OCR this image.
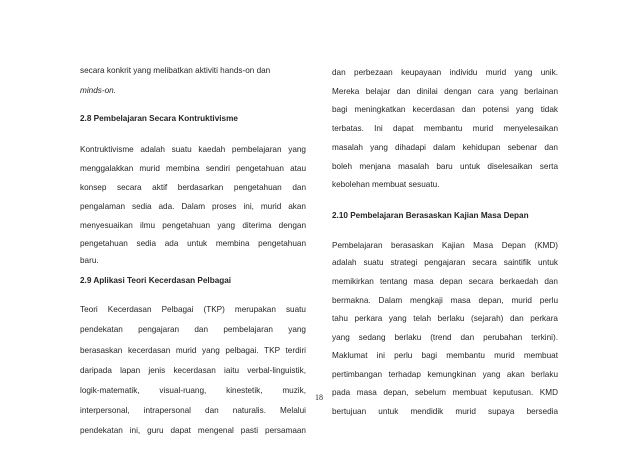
secara konkrit yang melibatkan aktiviti hands-on dan
minds-on.
2.8 Pembelajaran Secara Kontruktivisme
Kontruktivisme adalah suatu kaedah pembelajaran yang
menggalakkan murid membina sendiri pengetahuan atau
konsep secara aktif berdasarkan pengetahuan dan
pengalaman sedia ada. Dalam proses ini, murid akan
menyesuaikan ilmu pengetahuan yang diterima dengan
pengetahuan sedia ada untuk membina pengetahuan
baru.
2.9 Aplikasi Teori Kecerdasan Pelbagai
Teori Kecerdasan Pelbagai (TKP) merupakan suatu
pendekatan pengajaran dan pembelajaran yang
berasaskan kecerdasan murid yang pelbagai. TKP terdiri
daripada lapan jenis kecerdasan iaitu verbal-linguistik,
logik-matematik, visual-ruang, kinestetik, muzik,
interpersonal, intrapersonal dan naturalis. Melalui
pendekatan ini, guru dapat mengenal pasti persamaan
dan perbezaan keupayaan individu murid yang unik.
Mereka belajar dan dinilai dengan cara yang berlainan
bagi meningkatkan kecerdasan dan potensi yang tidak
terbatas. Ini dapat membantu murid menyelesaikan
masalah yang dihadapi dalam kehidupan sebenar dan
boleh menjana masalah baru untuk diselesaikan serta
kebolehan membuat sesuatu.
2.10 Pembelajaran Berasaskan Kajian Masa Depan
Pembelajaran berasaskan Kajian Masa Depan (KMD)
adalah suatu strategi pengajaran secara saintifik untuk
memikirkan tentang masa depan secara berkaedah dan
bermakna. Dalam mengkaji masa depan, murid perlu
tahu perkara yang telah berlaku (sejarah) dan perkara
yang sedang berlaku (trend dan perubahan terkini).
Maklumat ini perlu bagi membantu murid membuat
pertimbangan terhadap kemungkinan yang akan berlaku
pada masa depan, sebelum membuat keputusan. KMD
bertujuan untuk mendidik murid supaya bersedia
18
